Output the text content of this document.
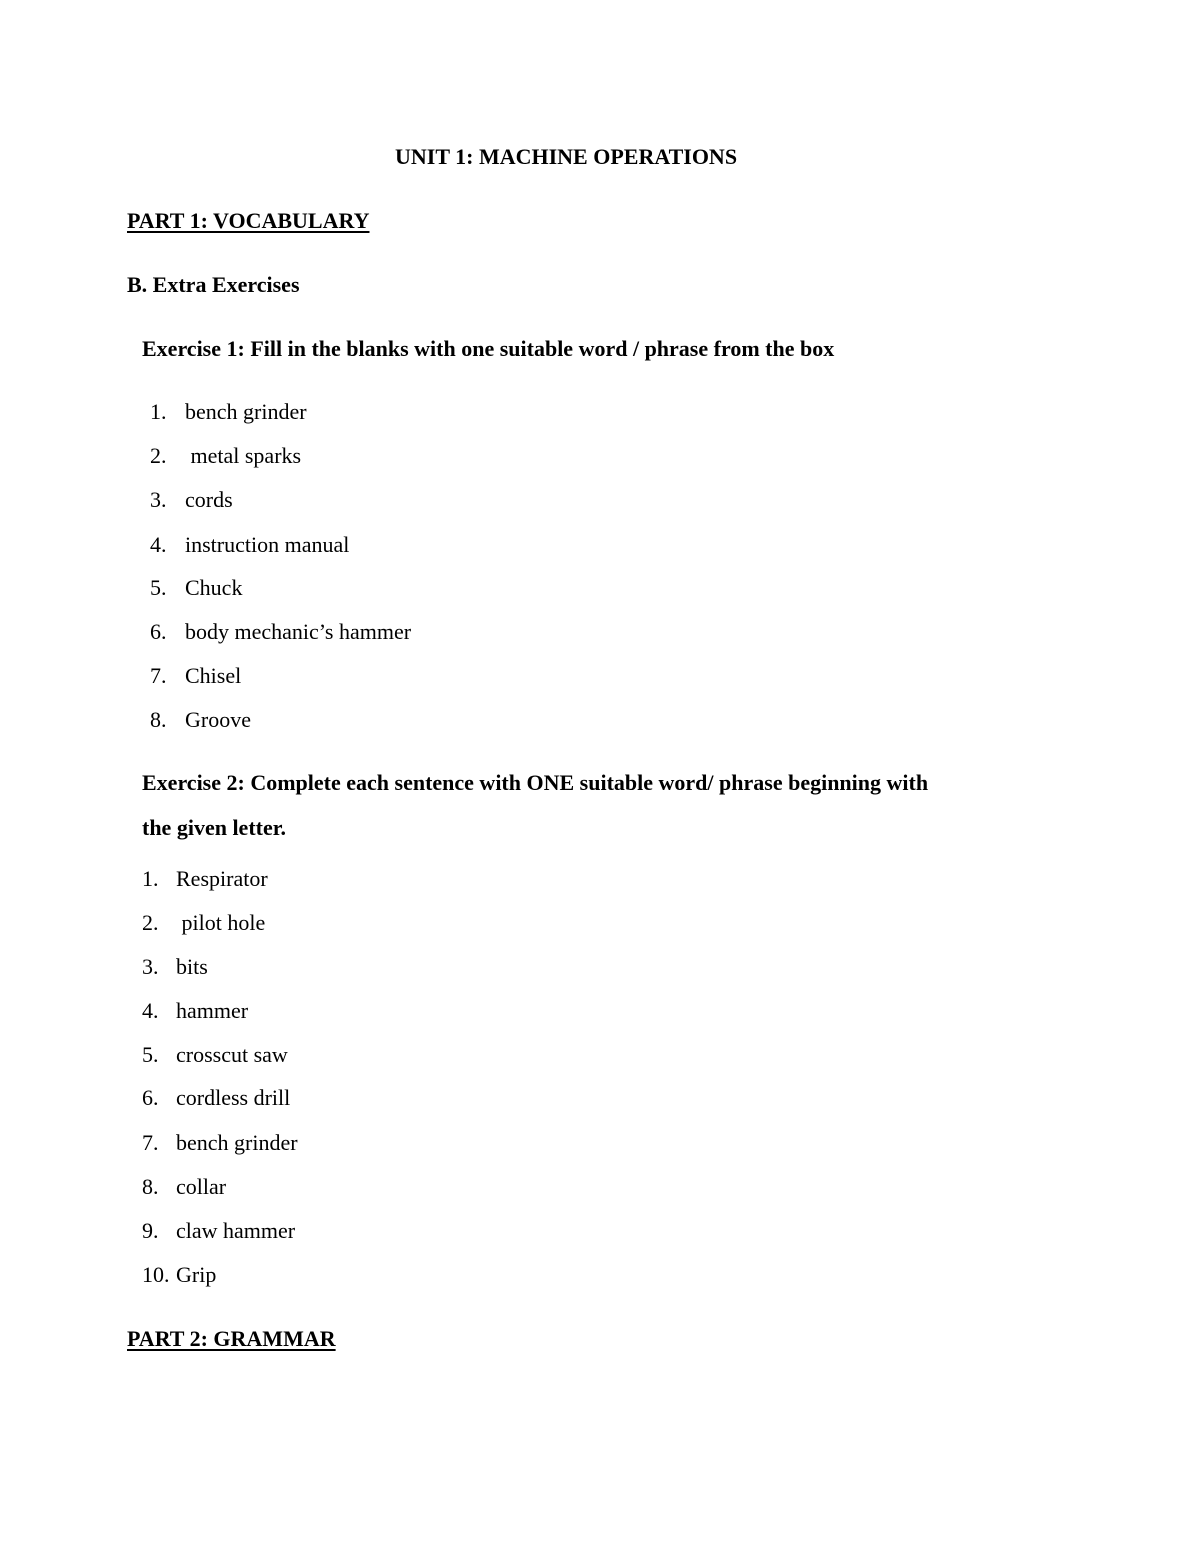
UNIT 1: MACHINE OPERATIONS
PART 1: VOCABULARY
B. Extra Exercises
Exercise 1: Fill in the blanks with one suitable word / phrase from the box
1. bench grinder
2. metal sparks
3. cords
4. instruction manual
5. Chuck
6. body mechanic’s hammer
7. Chisel
8. Groove
Exercise 2: Complete each sentence with ONE suitable word/ phrase beginning with
the given letter.
1. Respirator
2. pilot hole
3. bits
4. hammer
5. crosscut saw
6. cordless drill
7. bench grinder
8. collar
9. claw hammer
10. Grip
PART 2: GRAMMAR
